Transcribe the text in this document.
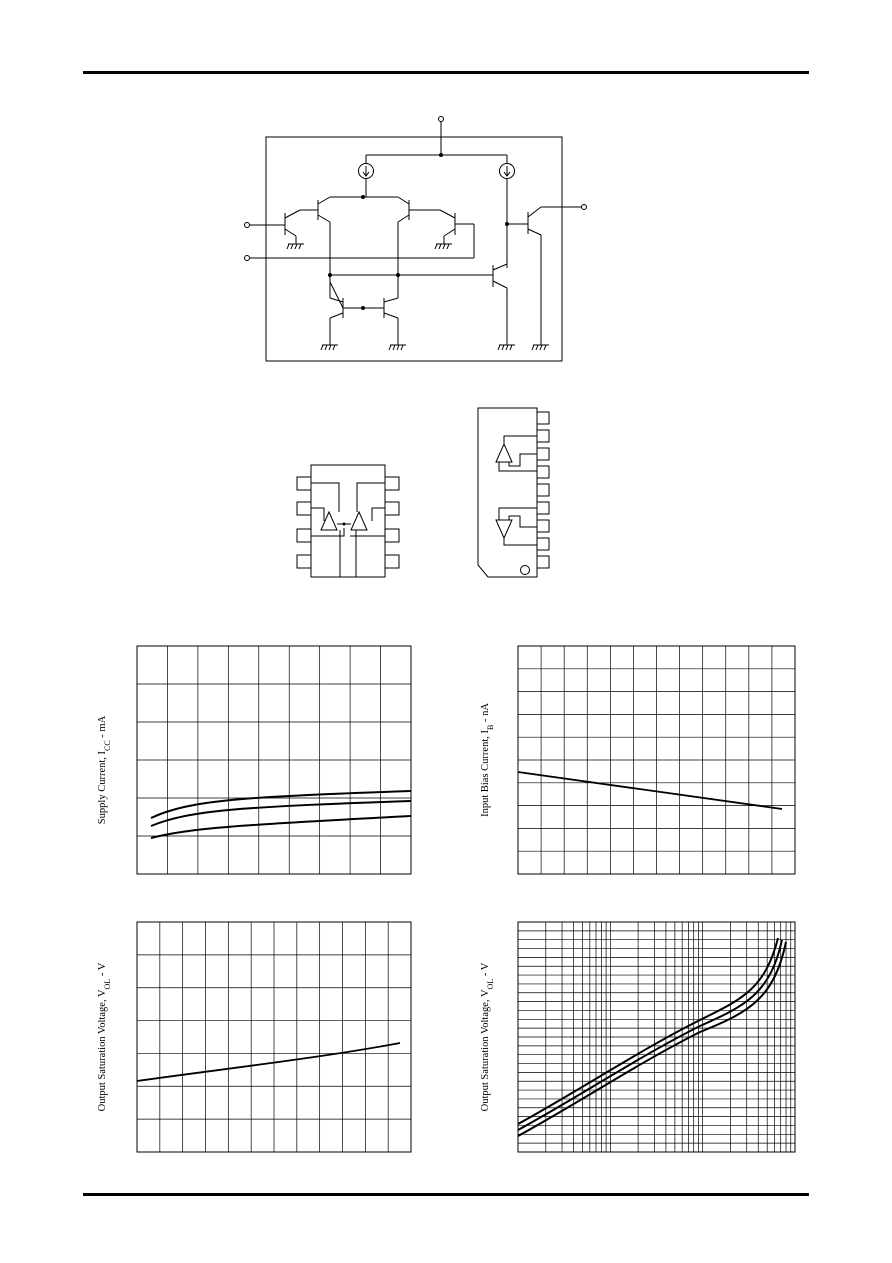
Supply Current, $I_{CC}$ - mA
Input Bias Current, $I_B$ - nA
Output Saturation Voltage, $V_{OL}$ - V
Output Saturation Voltage, $V_{OL}$ - V
